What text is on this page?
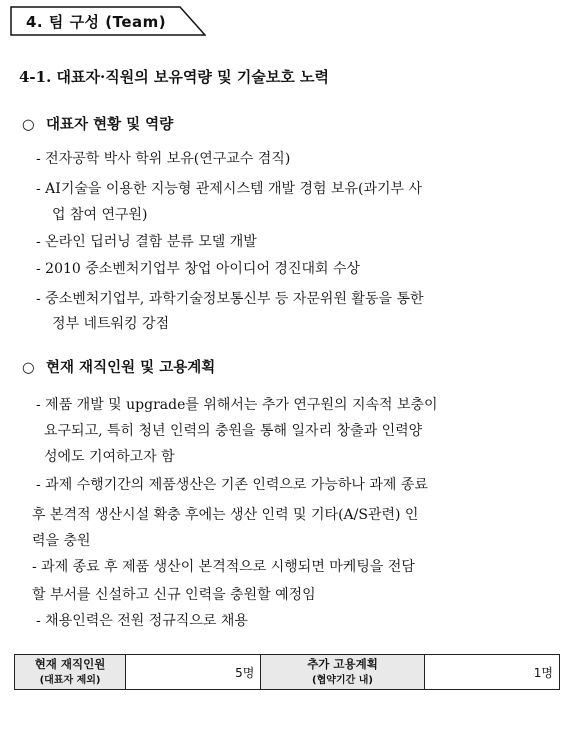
4. 팀 구성 (Team)
4-1. 대표자·직원의 보유역량 및 기술보호 노력
○ 대표자 현황 및 역량
- 전자공학 박사 학위 보유(연구교수 겸직)
- AI기술을 이용한 지능형 관제시스템 개발 경험 보유(과기부 사
업 참여 연구원)
- 온라인 딥러닝 결함 분류 모델 개발
- 2010 중소벤처기업부 창업 아이디어 경진대회 수상
- 중소벤처기업부, 과학기술정보통신부 등 자문위원 활동을 통한
정부 네트워킹 강점
○ 현재 재직인원 및 고용계획
- 제품 개발 및 upgrade를 위해서는 추가 연구원의 지속적 보충이
요구되고, 특히 청년 인력의 충원을 통해 일자리 창출과 인력양
성에도 기여하고자 함
- 과제 수행기간의 제품생산은 기존 인력으로 가능하나 과제 종료
후 본격적 생산시설 확충 후에는 생산 인력 및 기타(A/S관련) 인
력을 충원
- 과제 종료 후 제품 생산이 본격적으로 시행되면 마케팅을 전담
할 부서를 신설하고 신규 인력을 충원할 예정임
- 채용인력은 전원 정규직으로 채용
현재 재직인원
(대표자 제외)	5명	추가 고용계획
(협약기간 내)	1명
